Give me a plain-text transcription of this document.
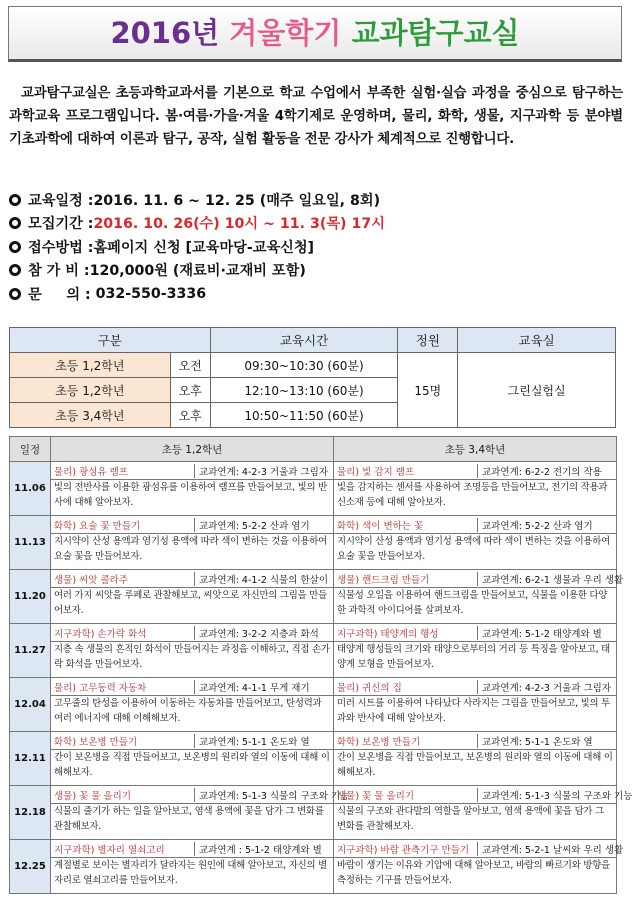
2016년 겨울학기 교과탐구교실

교과탐구교실은 초등과학교과서를 기본으로 학교 수업에서 부족한 실험·실습 과정을 중심으로 탐구하는 과학교육 프로그램입니다. 봄·여름·가을·겨울 4학기제로 운영하며, 물리, 화학, 생물, 지구과학 등 분야별 기초과학에 대하여 이론과 탐구, 공작, 실험 활동을 전문 강사가 체계적으로 진행합니다.

교육일정 : 2016. 11. 6 ~ 12. 25 (매주 일요일, 8회)
모집기간 : 2016. 10. 26(수) 10시 ~ 11. 3(목) 17시
접수방법 : 홈페이지 신청 [교육마당-교육신청]
참 가 비 : 120,000원 (재료비·교재비 포함)
문     의 : 032-550-3336
구분		교육시간	정원	교육실
초등 1,2학년	오전	09:30~10:30 (60분)	15명	그린실험실
초등 1,2학년	오후	12:10~13:10 (60분)		
초등 3,4학년	오후	10:50~11:50 (60분)		
일정	초등 1,2학년	초등 3,4학년
11.06	물리) 광섬유 램프 교과연계: 4-2-3 거울과 그림자	물리) 빛 감지 램프 교과연계: 6-2-2 전기의 작용
	빛의 전반사를 이용한 광섬유를 이용하여 램프를 만들어보고, 빛의 반사에 대해 알아보자.	빛을 감지하는 센서를 사용하여 조명등을 만들어보고, 전기의 작용과 신소재 등에 대해 알아보자.
11.13	화학) 요술 꽃 만들기 교과연계: 5-2-2 산과 염기	화학) 색이 변하는 꽃 교과연계: 5-2-2 산과 염기
	지시약이 산성 용액과 염기성 용액에 따라 색이 변하는 것을 이용하여 요술 꽃을 만들어보자.	지시약이 산성 용액과 염기성 용액에 따라 색이 변하는 것을 이용하여 요술 꽃을 만들어보자.
11.20	생물) 씨앗 콜라주 교과연계: 4-1-2 식물의 한살이	생물) 핸드크림 만들기 교과연계: 6-2-1 생물과 우리 생활
	여러 가지 씨앗을 루페로 관찰해보고, 씨앗으로 자신만의 그림을 만들어보자.	식물성 오일을 이용하여 핸드크림을 만들어보고, 식물을 이용한 다양한 과학적 아이디어를 살펴보자.
11.27	지구과학) 손가락 화석 교과연계: 3-2-2 지층과 화석	지구과학) 태양계의 행성 교과연계: 5-1-2 태양계와 별
	지층 속 생물의 흔적인 화석이 만들어지는 과정을 이해하고, 직접 손가락 화석을 만들어보자.	태양계 행성들의 크기와 태양으로부터의 거리 등 특징을 알아보고, 태양계 모형을 만들어보자.
12.04	물리) 고무동력 자동차 교과연계: 4-1-1 무게 재기	물리) 귀신의 집 교과연계: 4-2-3 거울과 그림자
	고무줄의 탄성을 이용하여 이동하는 자동차를 만들어보고, 탄성력과 여러 에너지에 대해 이해해보자.	미러 시트를 이용하여 나타났다 사라지는 그림을 만들어보고, 빛의 투과와 반사에 대해 알아보자.
12.11	화학) 보온병 만들기 교과연계: 5-1-1 온도와 열	화학) 보온병 만들기 교과연계: 5-1-1 온도와 열
	간이 보온병을 직접 만들어보고, 보온병의 원리와 열의 이동에 대해 이해해보자.	간이 보온병을 직접 만들어보고, 보온병의 원리와 열의 이동에 대해 이해해보자.
12.18	생물) 꽃 물 올리기 교과연계: 5-1-3 식물의 구조와 기능	생물) 꽃 물 올리기 교과연계: 5-1-3 식물의 구조와 기능
	식물의 줄기가 하는 일을 알아보고, 염색 용액에 꽃을 담가 그 변화를 관찰해보자.	식물의 구조와 관다발의 역할을 알아보고, 염색 용액에 꽃을 담가 그 변화를 관찰해보자.
12.25	지구과학) 별자리 열쇠고리 교과연계 : 5-1-2 태양계와 별	지구과학) 바람 관측기구 만들기 교과연계: 5-2-1 날씨와 우리 생활
	계절별로 보이는 별자리가 달라지는 원인에 대해 알아보고, 자신의 별자리로 열쇠고리를 만들어보자.	바람이 생기는 이유와 기압에 대해 알아보고, 바람의 빠르기와 방향을 측정하는 기구를 만들어보자.
